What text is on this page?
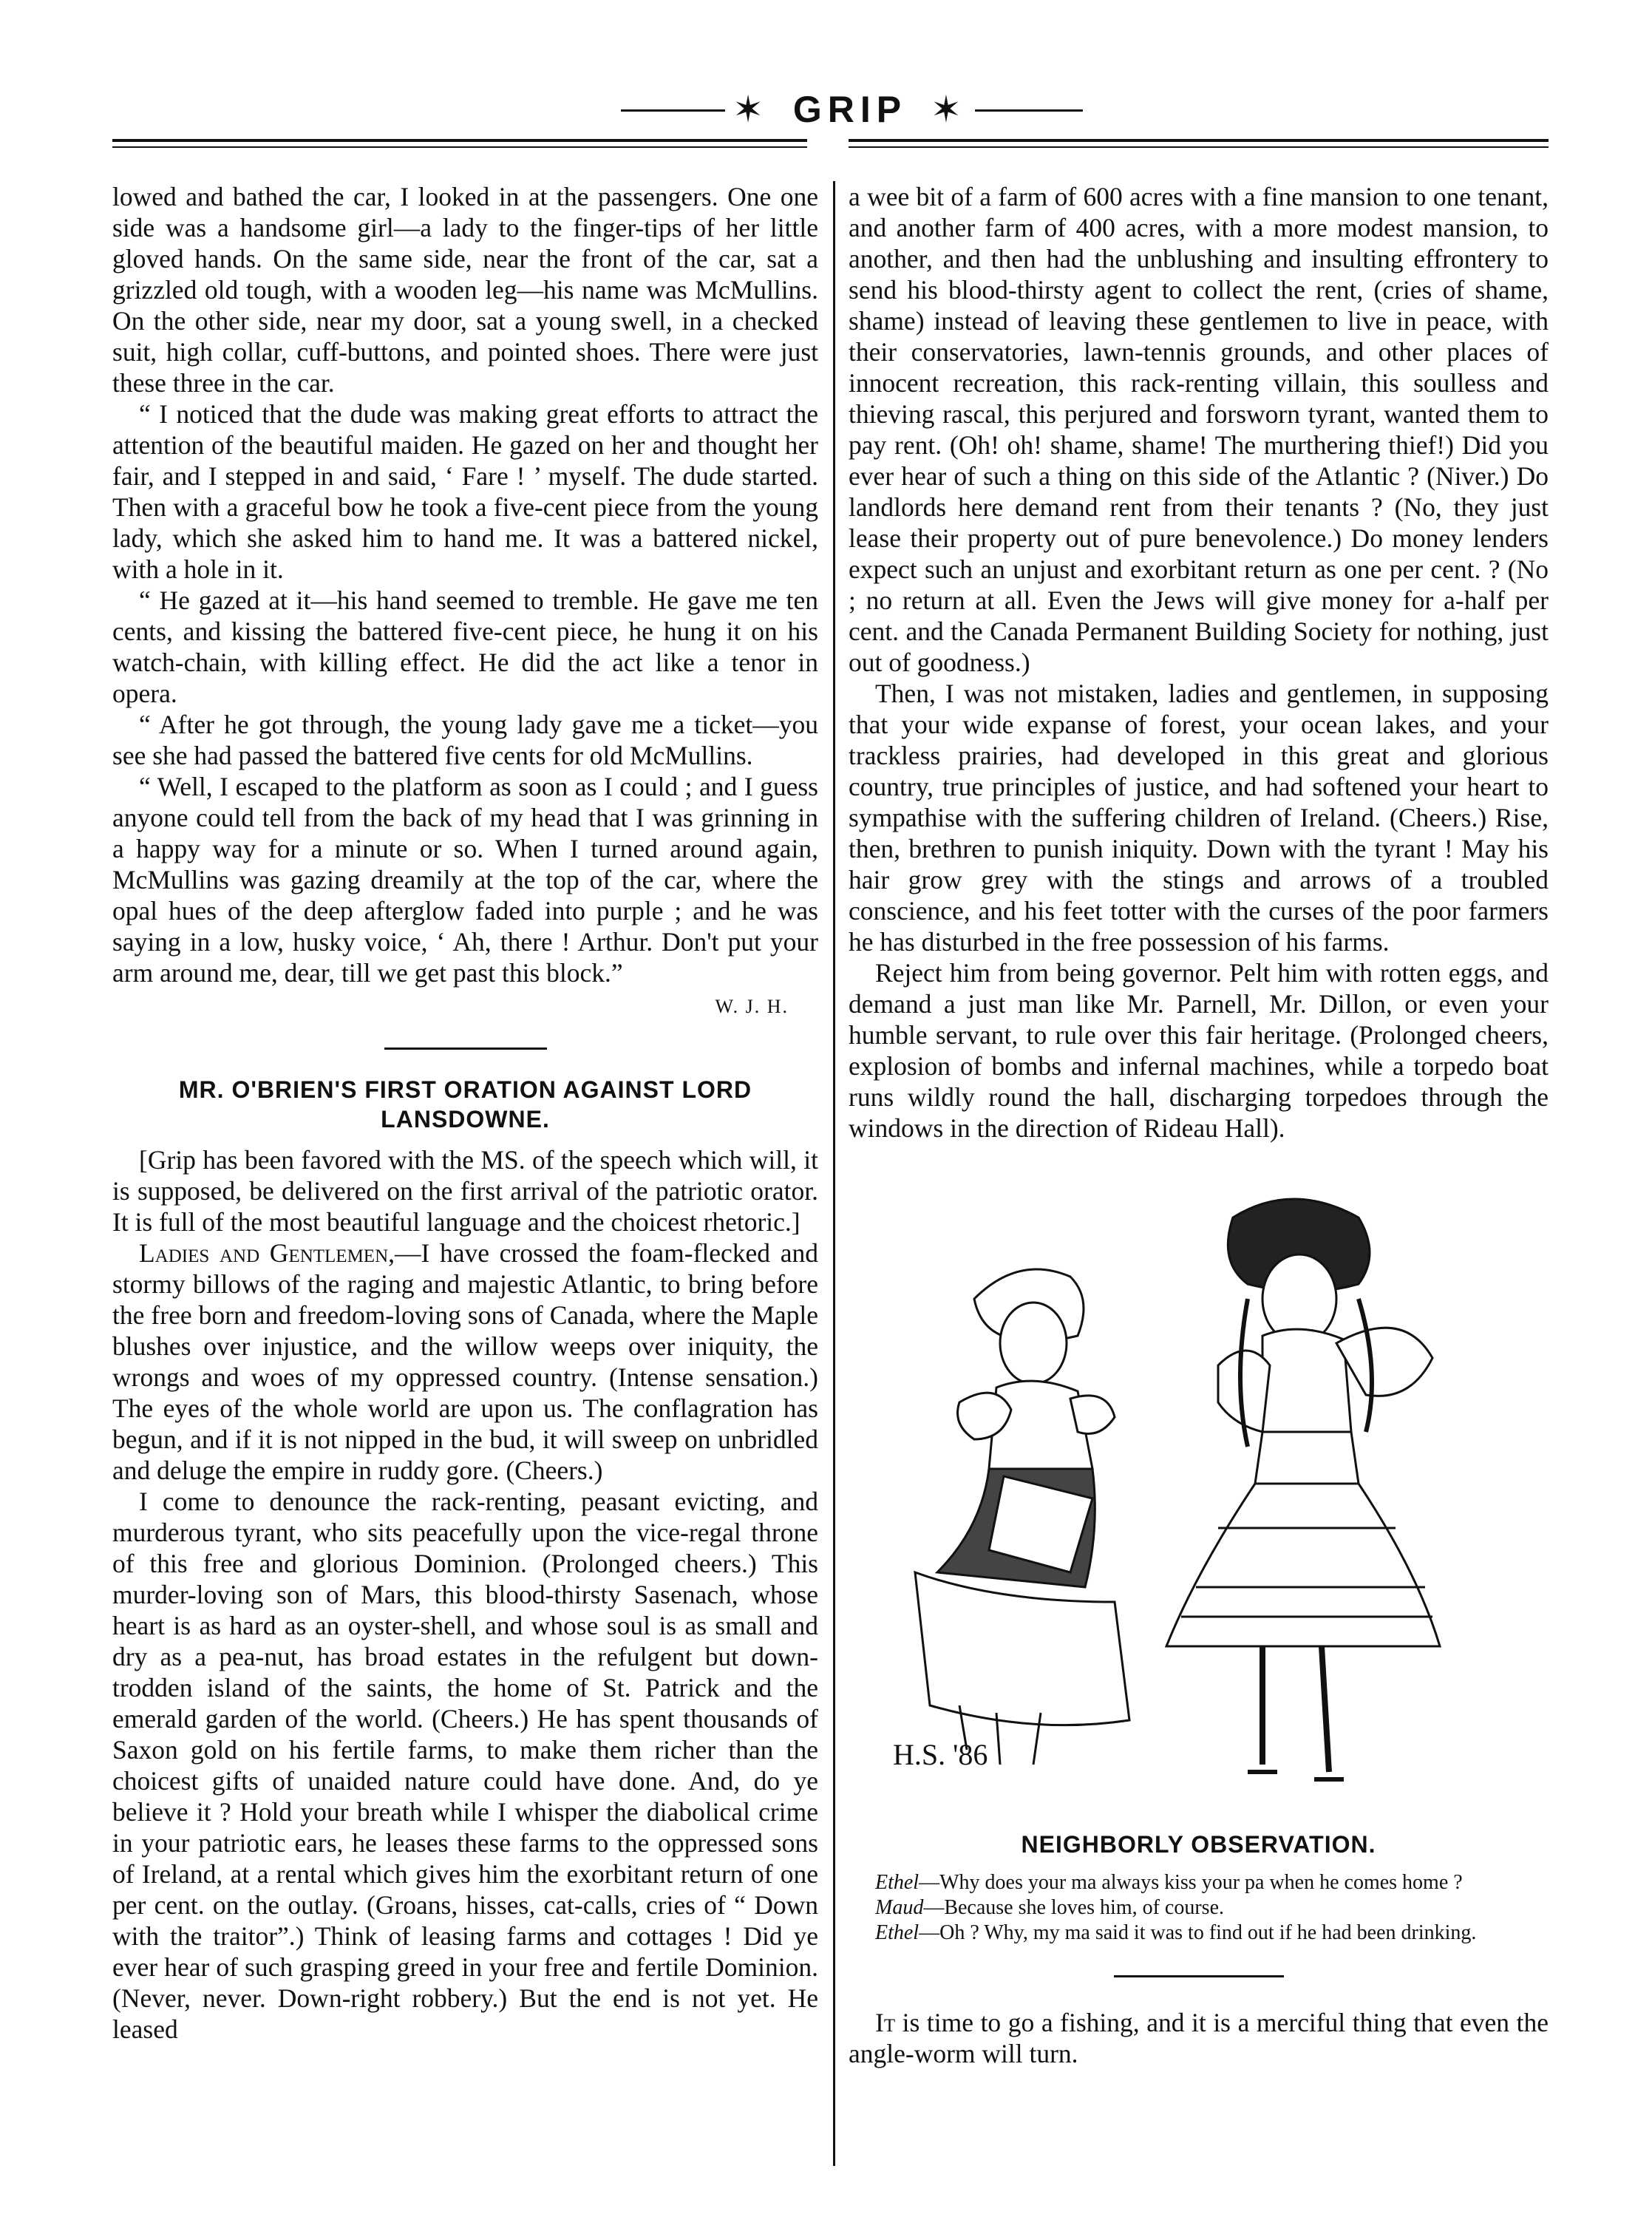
✶ GRIP ✶

lowed and bathed the car, I looked in at the passengers. One one side was a handsome girl—a lady to the finger-tips of her little gloved hands. On the same side, near the front of the car, sat a grizzled old tough, with a wooden leg—his name was McMullins. On the other side, near my door, sat a young swell, in a checked suit, high collar, cuff-buttons, and pointed shoes. There were just these three in the car.

“ I noticed that the dude was making great efforts to attract the attention of the beautiful maiden. He gazed on her and thought her fair, and I stepped in and said, ‘ Fare ! ’ myself. The dude started. Then with a graceful bow he took a five-cent piece from the young lady, which she asked him to hand me. It was a battered nickel, with a hole in it.

“ He gazed at it—his hand seemed to tremble. He gave me ten cents, and kissing the battered five-cent piece, he hung it on his watch-chain, with killing effect. He did the act like a tenor in opera.

“ After he got through, the young lady gave me a ticket—you see she had passed the battered five cents for old McMullins.

“ Well, I escaped to the platform as soon as I could ; and I guess anyone could tell from the back of my head that I was grinning in a happy way for a minute or so. When I turned around again, McMullins was gazing dreamily at the top of the car, where the opal hues of the deep afterglow faded into purple ; and he was saying in a low, husky voice, ‘ Ah, there ! Arthur. Don't put your arm around me, dear, till we get past this block.”

W. J. H.
MR. O'BRIEN'S FIRST ORATION AGAINST LORD LANSDOWNE.

[Grip has been favored with the MS. of the speech which will, it is supposed, be delivered on the first arrival of the patriotic orator. It is full of the most beautiful language and the choicest rhetoric.]

Ladies and Gentlemen,—I have crossed the foam-flecked and stormy billows of the raging and majestic Atlantic, to bring before the free born and freedom-loving sons of Canada, where the Maple blushes over injustice, and the willow weeps over iniquity, the wrongs and woes of my oppressed country. (Intense sensation.) The eyes of the whole world are upon us. The conflagration has begun, and if it is not nipped in the bud, it will sweep on unbridled and deluge the empire in ruddy gore. (Cheers.)

I come to denounce the rack-renting, peasant evicting, and murderous tyrant, who sits peacefully upon the vice-regal throne of this free and glorious Dominion. (Prolonged cheers.) This murder-loving son of Mars, this blood-thirsty Sasenach, whose heart is as hard as an oyster-shell, and whose soul is as small and dry as a pea-nut, has broad estates in the refulgent but down-trodden island of the saints, the home of St. Patrick and the emerald garden of the world. (Cheers.) He has spent thousands of Saxon gold on his fertile farms, to make them richer than the choicest gifts of unaided nature could have done. And, do ye believe it ? Hold your breath while I whisper the diabolical crime in your patriotic ears, he leases these farms to the oppressed sons of Ireland, at a rental which gives him the exorbitant return of one per cent. on the outlay. (Groans, hisses, cat-calls, cries of “ Down with the traitor”.) Think of leasing farms and cottages ! Did ye ever hear of such grasping greed in your free and fertile Dominion. (Never, never. Down-right robbery.) But the end is not yet. He leased

a wee bit of a farm of 600 acres with a fine mansion to one tenant, and another farm of 400 acres, with a more modest mansion, to another, and then had the unblushing and insulting effrontery to send his blood-thirsty agent to collect the rent, (cries of shame, shame) instead of leaving these gentlemen to live in peace, with their conservatories, lawn-tennis grounds, and other places of innocent recreation, this rack-renting villain, this soulless and thieving rascal, this perjured and forsworn tyrant, wanted them to pay rent. (Oh! oh! shame, shame! The murthering thief!) Did you ever hear of such a thing on this side of the Atlantic ? (Niver.) Do landlords here demand rent from their tenants ? (No, they just lease their property out of pure benevolence.) Do money lenders expect such an unjust and exorbitant return as one per cent. ? (No ; no return at all. Even the Jews will give money for a-half per cent. and the Canada Permanent Building Society for nothing, just out of goodness.)

Then, I was not mistaken, ladies and gentlemen, in supposing that your wide expanse of forest, your ocean lakes, and your trackless prairies, had developed in this great and glorious country, true principles of justice, and had softened your heart to sympathise with the suffering children of Ireland. (Cheers.) Rise, then, brethren to punish iniquity. Down with the tyrant ! May his hair grow grey with the stings and arrows of a troubled conscience, and his feet totter with the curses of the poor farmers he has disturbed in the free possession of his farms.

Reject him from being governor. Pelt him with rotten eggs, and demand a just man like Mr. Parnell, Mr. Dillon, or even your humble servant, to rule over this fair heritage. (Prolonged cheers, explosion of bombs and infernal machines, while a torpedo boat runs wildly round the hall, discharging torpedoes through the windows in the direction of Rideau Hall).

H.S. '86
NEIGHBORLY OBSERVATION.

Ethel—Why does your ma always kiss your pa when he comes home ?

Maud—Because she loves him, of course.

Ethel—Oh ? Why, my ma said it was to find out if he had been drinking.

It is time to go a fishing, and it is a merciful thing that even the angle-worm will turn.
